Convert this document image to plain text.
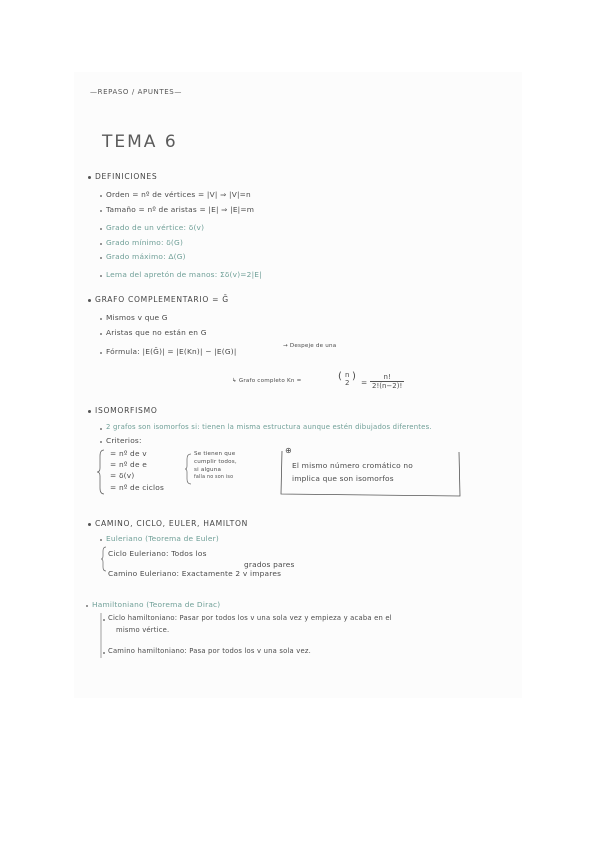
—REPASO / APUNTES—
TEMA 6
DEFINICIONES
Orden = nº de vértices = |V| ⇒ |V|=n
Tamaño = nº de aristas = |E| ⇒ |E|=m
Grado de un vértice: δ(v)
Grado mínimo: δ(G)
Grado máximo: Δ(G)
Lema del apretón de manos: Σδ(v)=2|E|
GRAFO COMPLEMENTARIO = Ḡ
Mismos v que G
Aristas que no están en G
Fórmula: |E(Ḡ)| = |E(Kn)| − |E(G)|
→ Despeje de una
↳ Grafo completo Kn =	( n
2
)
= $\frac{n!}{2!(n-2)!}$
ISOMORFISMO
2 grafos son isomorfos si: tienen la misma estructura aunque estén dibujados diferentes.
Criterios:
= nº de v
= nº de e
= δ(v)
= nº de ciclos
Se tienen que
cumplir todos,
si alguna
falla no son iso
⊕
El mismo número cromático no
implica que son isomorfos
CAMINO, CICLO, EULER, HAMILTON
Euleriano (Teorema de Euler)
Ciclo Euleriano: Todos los
grados pares
Camino Euleriano: Exactamente 2 v impares
Hamiltoniano (Teorema de Dirac)
Ciclo hamiltoniano: Pasar por todos los v una sola vez y empieza y acaba en el
mismo vértice.
Camino hamiltoniano: Pasa por todos los v una sola vez.
